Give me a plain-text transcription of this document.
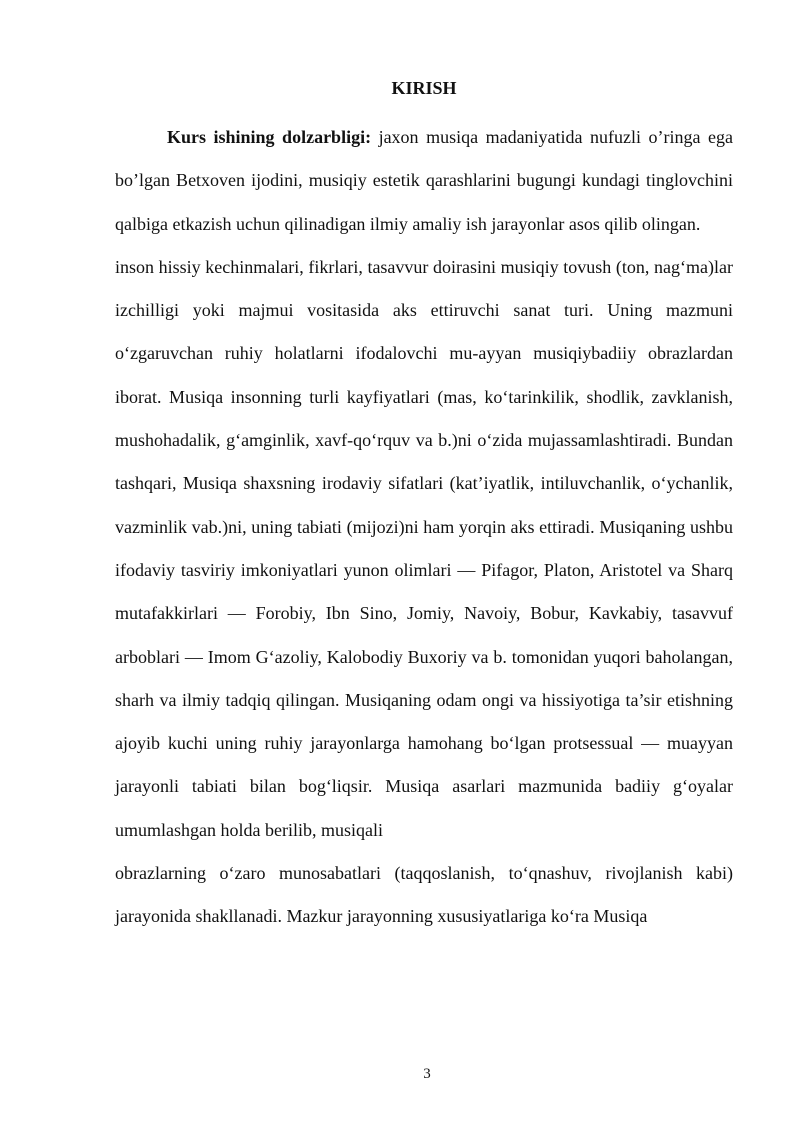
KIRISH

Kurs ishining dolzarbligi: jaxon musiqa madaniyatida nufuzli o’ringa ega bo’lgan Betxoven ijodini, musiqiy estetik qarashlarini bugungi kundagi tinglovchini qalbiga etkazish uchun qilinadigan ilmiy amaliy ish jarayonlar asos qilib olingan.

inson hissiy kechinmalari, fikrlari, tasavvur doirasini musiqiy tovush (ton, nag‘ma)lar izchilligi yoki majmui vositasida aks ettiruvchi sanat turi. Uning mazmuni o‘zgaruvchan ruhiy holatlarni ifodalovchi mu-ayyan musiqiybadiiy obrazlardan iborat. Musiqa insonning turli kayfiyatlari (mas, ko‘tarinkilik, shodlik, zavklanish, mushohadalik, g‘amginlik, xavf-qo‘rquv va b.)ni o‘zida mujassamlashtiradi. Bundan tashqari, Musiqa shaxsning irodaviy sifatlari (kat’iyatlik, intiluvchanlik, o‘ychanlik, vazminlik vab.)ni, uning tabiati (mijozi)ni ham yorqin aks ettiradi. Musiqaning ushbu ifodaviy tasviriy imkoniyatlari yunon olimlari — Pifagor, Platon, Aristotel va Sharq mutafakkirlari — Forobiy, Ibn Sino, Jomiy, Navoiy, Bobur, Kavkabiy, tasavvuf arboblari — Imom G‘azoliy, Kalobodiy Buxoriy va b. tomonidan yuqori baholangan, sharh va ilmiy tadqiq qilingan. Musiqaning odam ongi va hissiyotiga ta’sir etishning ajoyib kuchi uning ruhiy jarayonlarga hamohang bo‘lgan protsessual — muayyan jarayonli tabiati bilan bog‘liqsir. Musiqa asarlari mazmunida badiiy g‘oyalar umumlashgan holda berilib, musiqali

obrazlarning o‘zaro munosabatlari (taqqoslanish, to‘qnashuv, rivojlanish kabi) jarayonida shakllanadi. Mazkur jarayonning xususiyatlariga ko‘ra Musiqa

3
